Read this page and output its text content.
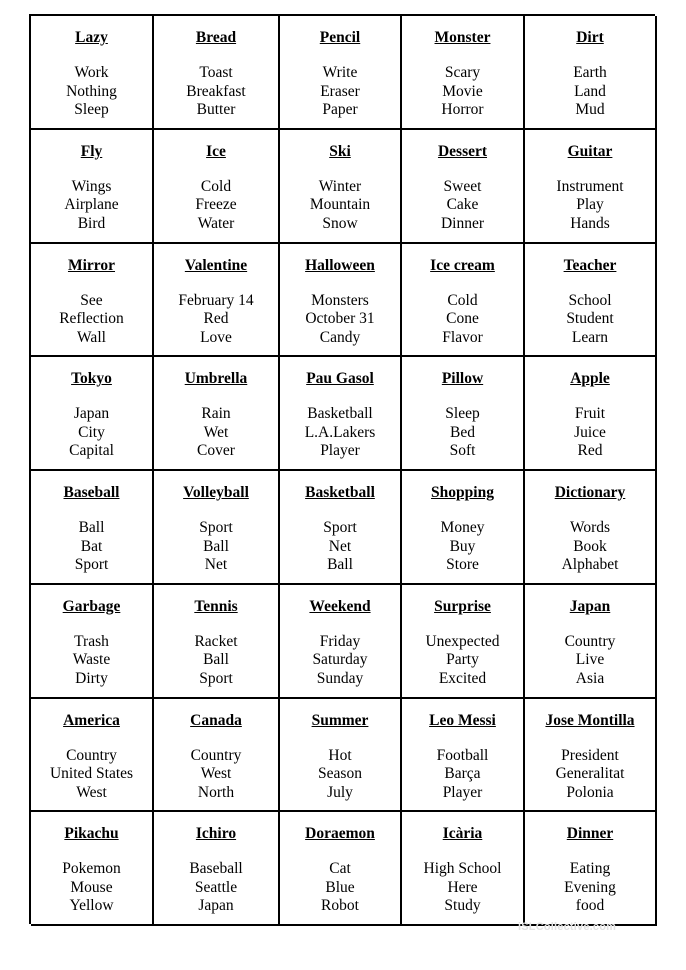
Lazy
Work
Nothing
Sleep
Bread
Toast
Breakfast
Butter
Pencil
Write
Eraser
Paper
Monster
Scary
Movie
Horror
Dirt
Earth
Land
Mud
Fly
Wings
Airplane
Bird
Ice
Cold
Freeze
Water
Ski
Winter
Mountain
Snow
Dessert
Sweet
Cake
Dinner
Guitar
Instrument
Play
Hands
Mirror
See
Reflection
Wall
Valentine
February 14
Red
Love
Halloween
Monsters
October 31
Candy
Ice cream
Cold
Cone
Flavor
Teacher
School
Student
Learn
Tokyo
Japan
City
Capital
Umbrella
Rain
Wet
Cover
Pau Gasol
Basketball
L.A.Lakers
Player
Pillow
Sleep
Bed
Soft
Apple
Fruit
Juice
Red
Baseball
Ball
Bat
Sport
Volleyball
Sport
Ball
Net
Basketball
Sport
Net
Ball
Shopping
Money
Buy
Store
Dictionary
Words
Book
Alphabet
Garbage
Trash
Waste
Dirty
Tennis
Racket
Ball
Sport
Weekend
Friday
Saturday
Sunday
Surprise
Unexpected
Party
Excited
Japan
Country
Live
Asia
America
Country
United States
West
Canada
Country
West
North
Summer
Hot
Season
July
Leo Messi
Football
Barça
Player
Jose Montilla
President
Generalitat
Polonia
Pikachu
Pokemon
Mouse
Yellow
Ichiro
Baseball
Seattle
Japan
Doraemon
Cat
Blue
Robot
Icària
High School
Here
Study
Dinner
Eating
Evening
food
iSLCollective.com
